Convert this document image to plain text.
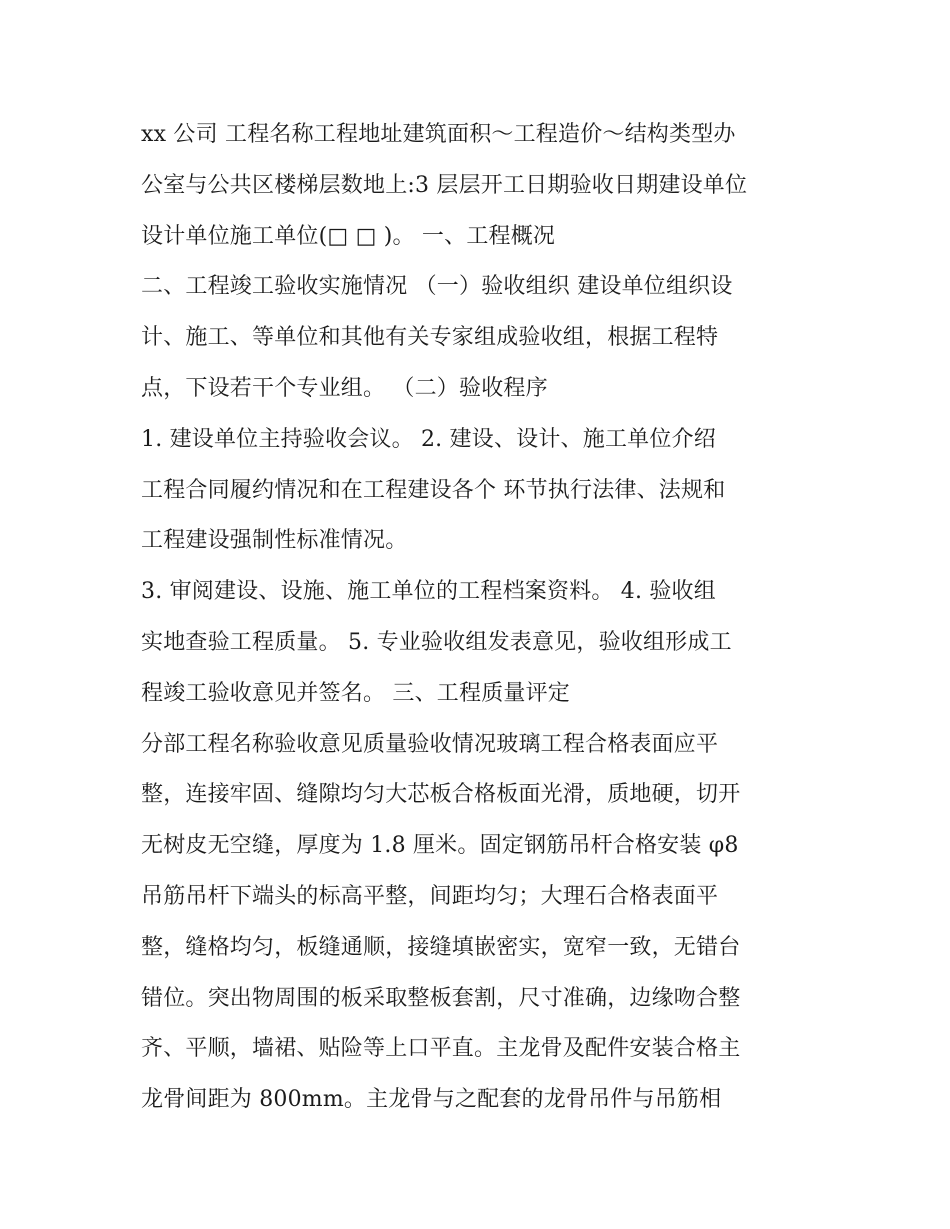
xx 公司 工程名称工程地址建筑面积～工程造价～结构类型办
公室与公共区楼梯层数地上:3 层层开工日期验收日期建设单位
设计单位施工单位(□ □ )。 一、工程概况
二、工程竣工验收实施情况 （一）验收组织 建设单位组织设
计、施工、等单位和其他有关专家组成验收组，根据工程特
点，下设若干个专业组。 （二）验收程序
1. 建设单位主持验收会议。 2. 建设、设计、施工单位介绍
工程合同履约情况和在工程建设各个 环节执行法律、法规和
工程建设强制性标准情况。
3. 审阅建设、设施、施工单位的工程档案资料。 4. 验收组
实地查验工程质量。 5. 专业验收组发表意见，验收组形成工
程竣工验收意见并签名。 三、工程质量评定
分部工程名称验收意见质量验收情况玻璃工程合格表面应平
整，连接牢固、缝隙均匀大芯板合格板面光滑，质地硬，切开
无树皮无空缝，厚度为 1.8 厘米。固定钢筋吊杆合格安装 φ8
吊筋吊杆下端头的标高平整，间距均匀；大理石合格表面平
整，缝格均匀，板缝通顺，接缝填嵌密实，宽窄一致，无错台
错位。突出物周围的板采取整板套割，尺寸准确，边缘吻合整
齐、平顺，墙裙、贴险等上口平直。主龙骨及配件安装合格主
龙骨间距为 800mm。主龙骨与之配套的龙骨吊件与吊筋相
